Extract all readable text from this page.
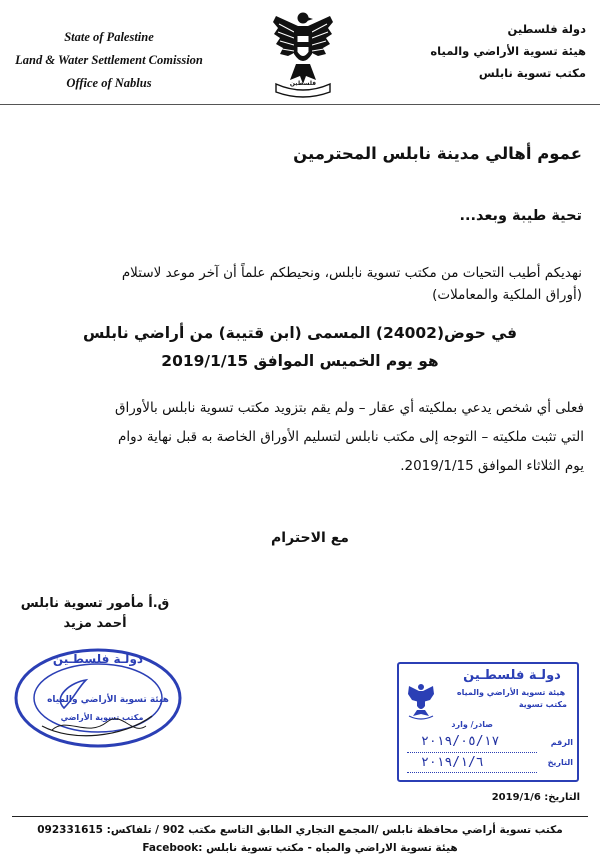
State of Palestine
Land & Water Settlement Comission
Office of Nablus	فلسطين
دولة فلسطين
هيئة تسوية الأراضي والمياه
مكتب تسوية نابلس
عموم أهالي مدينة نابلس المحترمين
تحية طيبة وبعد...
نهديكم أطيب التحيات من مكتب تسوية نابلس، ونحيطكم علماً أن آخر موعد لاستلام
(أوراق الملكية والمعاملات)
في حوض(24002) المسمى (ابن قتيبة) من أراضي نابلس
هو يوم الخميس الموافق 2019/1/15
فعلى أي شخص يدعي بملكيته أي عقار – ولم يقم بتزويد مكتب تسوية نابلس بالأوراق
التي تثبت ملكيته – التوجه إلى مكتب نابلس لتسليم الأوراق الخاصة به قبل نهاية دوام
يوم الثلاثاء الموافق 2019/1/15.
مع الاحترام
ق.أ مأمور تسوية نابلس
أحمد مزيد
دولـة فلسطـين
هيئة تسوية الأراضي والمياه
مكتب تسوية الأراضي
دولـة فلسطـين
هيئة تسوية الأراضي والمياه
مكتب تسوية
صادر/ وارد
الرقم
التاريخ
٢٠١٩/٠٥/١٧
٢٠١٩/١/٦
التاريخ: 2019/1/6
مكتب تسوية أراضي محافظة نابلس /المجمع التجاري الطابق التاسع مكتب 902 / تلفاكس: 092331615
هيئة تسوية الاراضي والمياه - مكتب تسوية نابلس :Facebook
